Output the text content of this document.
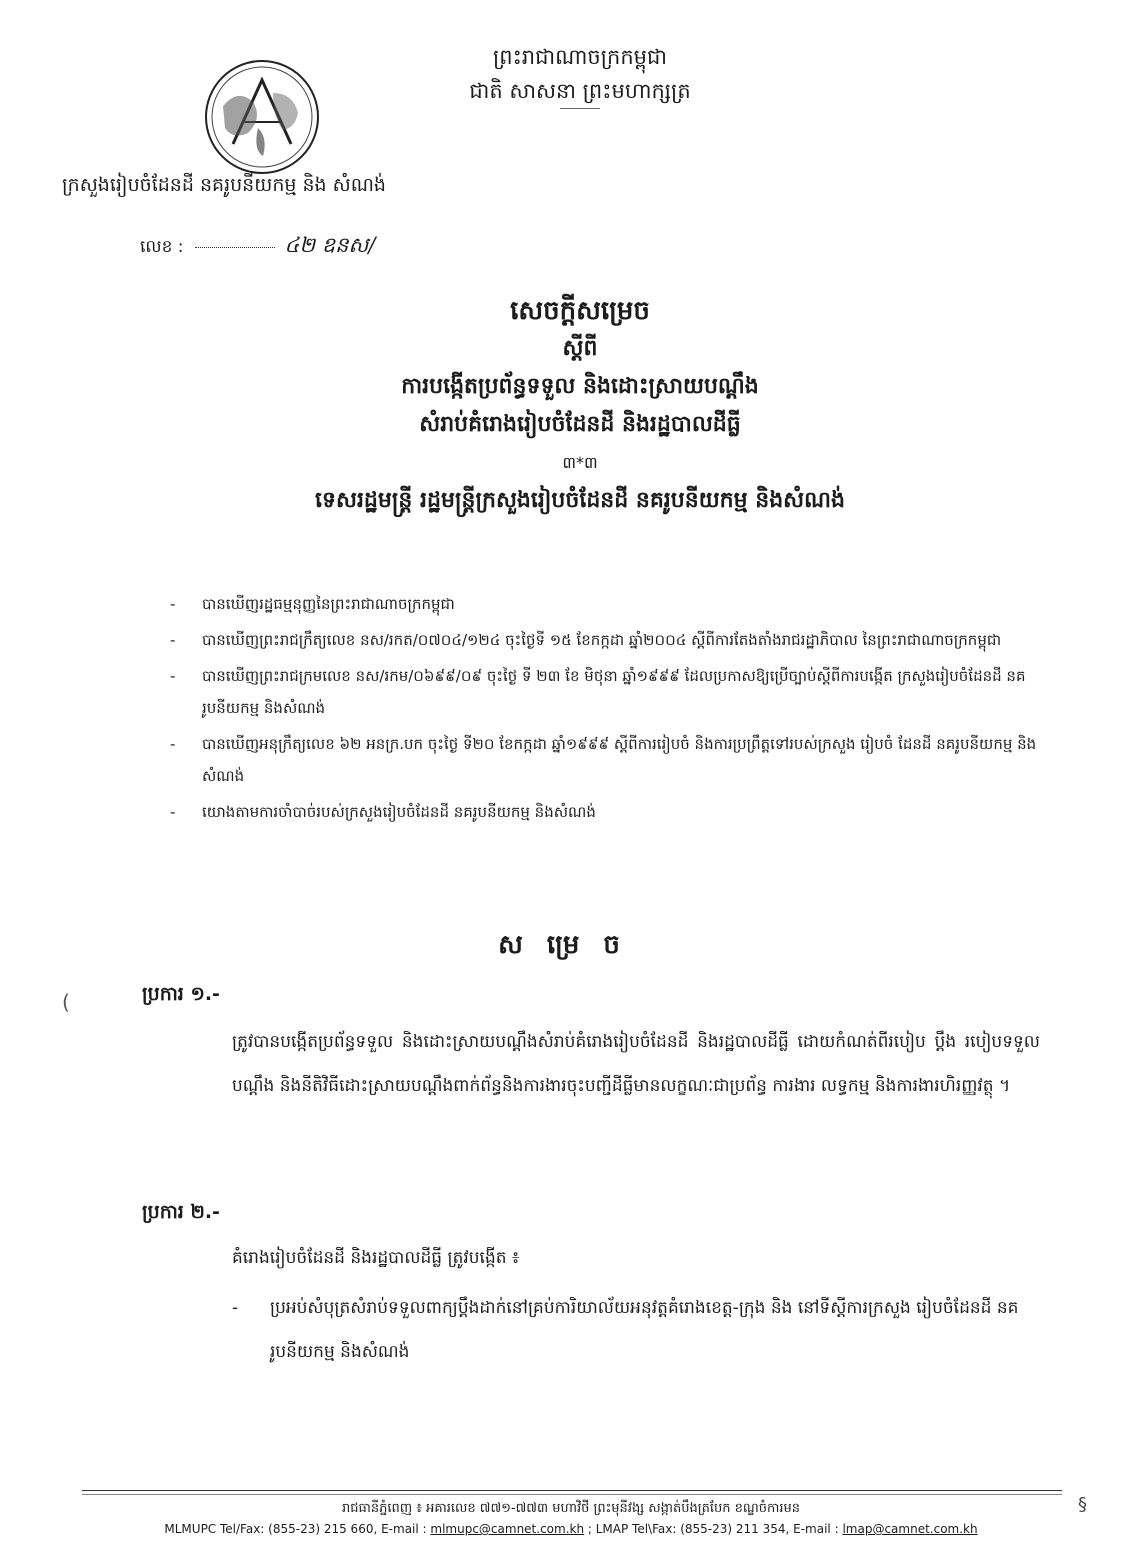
ព្រះរាជាណាចក្រកម្ពុជា
ជាតិ សាសនា ព្រះមហាក្សត្រ
ក្រសួងរៀបចំដែនដី នគរូបនីយកម្ម និង សំណង់
លេខ :	៤២ ឧនស/
សេចក្តីសម្រេច
ស្តីពី
ការបង្កើតប្រព័ន្ធទទួល និងដោះស្រាយបណ្តឹង
សំរាប់គំរោងរៀបចំដែនដី និងរដ្ឋបាលដីធ្លី
៣*៣
ទេសរដ្ឋមន្ត្រី រដ្ឋមន្ត្រីក្រសួងរៀបចំដែនដី នគរូបនីយកម្ម និងសំណង់
- បានឃើញរដ្ឋធម្មនុញ្ញនៃព្រះរាជាណាចក្រកម្ពុជា
- បានឃើញព្រះរាជក្រឹត្យលេខ នស/រកត/០៧០៤/១២៤ ចុះថ្ងៃទី ១៥ ខែកក្កដា ឆ្នាំ២០០៤ ស្តីពីការតែងតាំងរាជរដ្ឋាភិបាល នៃព្រះរាជាណាចក្រកម្ពុជា
- បានឃើញព្រះរាជក្រមលេខ នស/រកម/០៦៩៩/០៩ ចុះថ្ងៃ ទី ២៣ ខែ មិថុនា ឆ្នាំ១៩៩៩ ដែលប្រកាសឱ្យប្រើច្បាប់ស្តីពីការបង្កើត ក្រសួងរៀបចំដែនដី នគរូបនីយកម្ម និងសំណង់
- បានឃើញអនុក្រឹត្យលេខ ៦២ អនក្រ.បក ចុះថ្ងៃ ទី២០ ខែកក្កដា ឆ្នាំ១៩៩៩ ស្តីពីការរៀបចំ និងការប្រព្រឹត្តទៅរបស់ក្រសួង រៀបចំ ដែនដី នគរូបនីយកម្ម និងសំណង់
- យោងតាមការចាំបាច់របស់ក្រសួងរៀបចំដែនដី នគរូបនីយកម្ម និងសំណង់
សម្រេច
(	ប្រការ ១.-
ត្រូវបានបង្កើតប្រព័ន្ធទទួល និងដោះស្រាយបណ្តឹងសំរាប់គំរោងរៀបចំដែនដី និងរដ្ឋបាលដីធ្លី ដោយកំណត់ពីរបៀប ប្តឹង របៀបទទួលបណ្តឹង និងនីតិវិធីដោះស្រាយបណ្តឹងពាក់ព័ន្ធនិងការងារចុះបញ្ជីដីធ្លីមានលក្ខណៈជាប្រព័ន្ធ ការងារ លទ្ធកម្ម និងការងារហិរញ្ញវត្ថុ ។
ប្រការ ២.-
គំរោងរៀបចំដែនដី និងរដ្ឋបាលដីធ្លី ត្រូវបង្កើត ៖
- ប្រអប់សំបុត្រសំរាប់ទទួលពាក្យប្តឹងដាក់នៅគ្រប់ការិយាល័យអនុវត្តគំរោងខេត្ត-ក្រុង និង នៅទីស្តីការក្រសួង រៀបចំដែនដី នគរូបនីយកម្ម និងសំណង់
§
រាជធានីភ្នំពេញ ៖ អគារលេខ ៧៧១-៧៧៣ មហាវិថី ព្រះមុនីវង្ស សង្កាត់បឹងត្របែក ខណ្ឌចំការមន
MLMUPC Tel/Fax: (855-23) 215 660, E-mail : mlmupc@camnet.com.kh ; LMAP Tel\Fax: (855-23) 211 354, E-mail : lmap@camnet.com.kh
